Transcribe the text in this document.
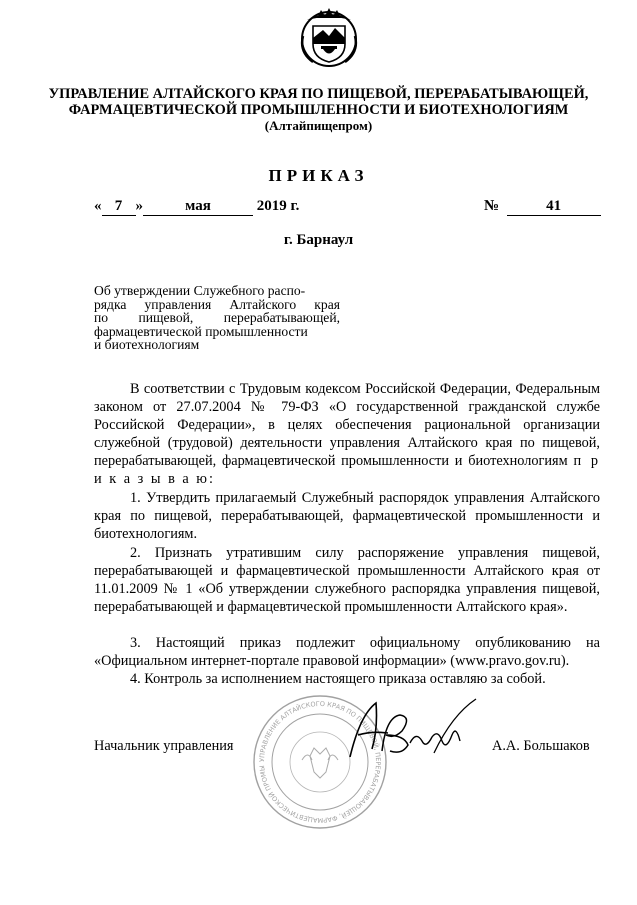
УПРАВЛЕНИЕ АЛТАЙСКОГО КРАЯ ПО ПИЩЕВОЙ, ПЕРЕРАБАТЫВАЮЩЕЙ,
ФАРМАЦЕВТИЧЕСКОЙ ПРОМЫШЛЕННОСТИ И БИОТЕХНОЛОГИЯМ
(Алтайпищепром)
ПРИКАЗ
« 7 »	мая	2019 г.	№	41
г. Барнаул
Об утверждении Служебного распо-
рядка управления Алтайского края
по пищевой, перерабатывающей,
фармацевтической промышленности
и биотехнологиям

В соответствии с Трудовым кодексом Российской Федерации, Федеральным законом от 27.07.2004 № 79-ФЗ «О государственной гражданской службе Российской Федерации», в целях обеспечения рациональной организации служебной (трудовой) деятельности управления Алтайского края по пищевой, перерабатывающей, фармацевтической промышленности и биотехнологиям п р и к а з ы в а ю:

1. Утвердить прилагаемый Служебный распорядок управления Алтайского края по пищевой, перерабатывающей, фармацевтической промышленности и биотехнологиям.

2. Признать утратившим силу распоряжение управления пищевой, перерабатывающей и фармацевтической промышленности Алтайского края от 11.01.2009 № 1 «Об утверждении служебного распорядка управления пищевой, перерабатывающей и фармацевтической промышленности Алтайского края».

3. Настоящий приказ подлежит официальному опубликованию на «Официальном интернет-портале правовой информации» (www.pravo.gov.ru).

4. Контроль за исполнением настоящего приказа оставляю за собой.

УПРАВЛЕНИЕ АЛТАЙСКОГО КРАЯ ПО ПИЩЕВОЙ, ПЕРЕРАБАТЫВАЮЩЕЙ, ФАРМАЦЕВТИЧЕСКОЙ ПРОМЫ
Начальник управления	А.А. Большаков
